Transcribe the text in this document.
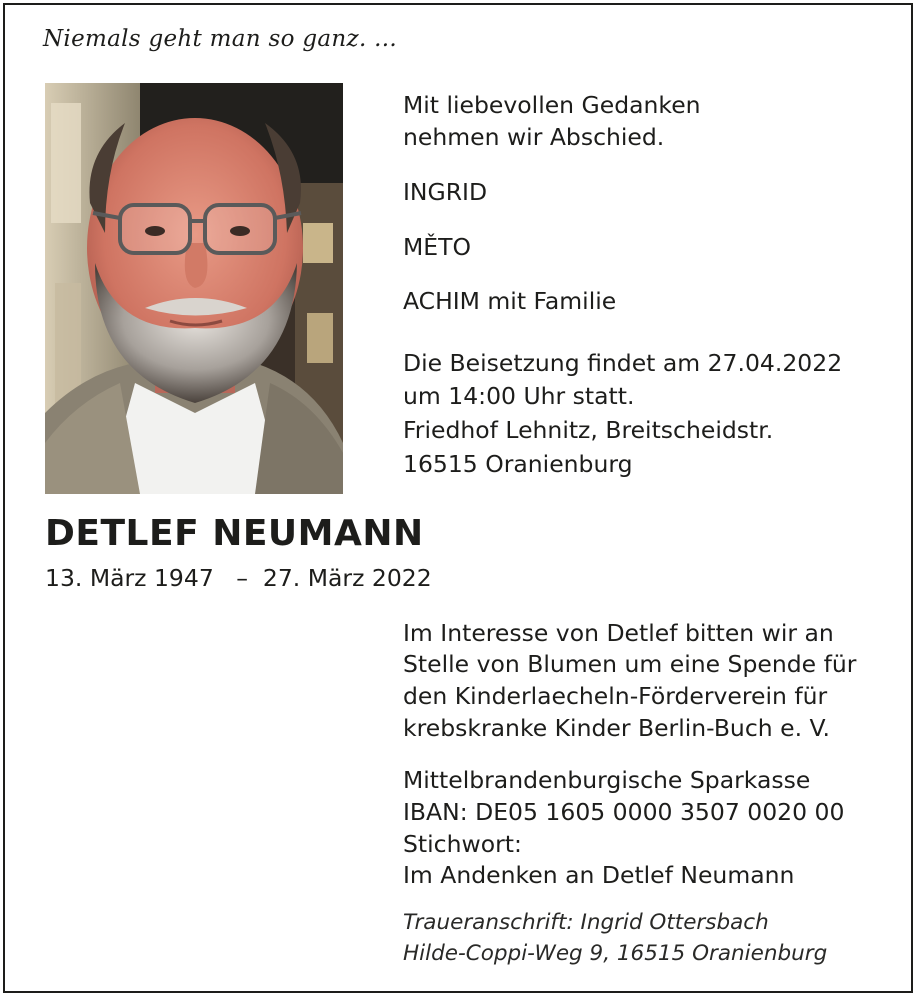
Niemals geht man so ganz. ...
Mit liebevollen Gedanken
nehmen wir Abschied.
INGRID
MĚTO
ACHIM mit Familie
Die Beisetzung findet am 27.04.2022
um 14:00 Uhr statt.
Friedhof Lehnitz, Breitscheidstr.
16515 Oranienburg
DETLEF NEUMANN
13. März 1947   –  27. März 2022
Im Interesse von Detlef bitten wir an
Stelle von Blumen um eine Spende für
den Kinderlaecheln-Förderverein für
krebskranke Kinder Berlin-Buch e. V.
Mittelbrandenburgische Sparkasse
IBAN: DE05 1605 0000 3507 0020 00
Stichwort:
Im Andenken an Detlef Neumann
Traueranschrift: Ingrid Ottersbach
Hilde-Coppi-Weg 9, 16515 Oranienburg
